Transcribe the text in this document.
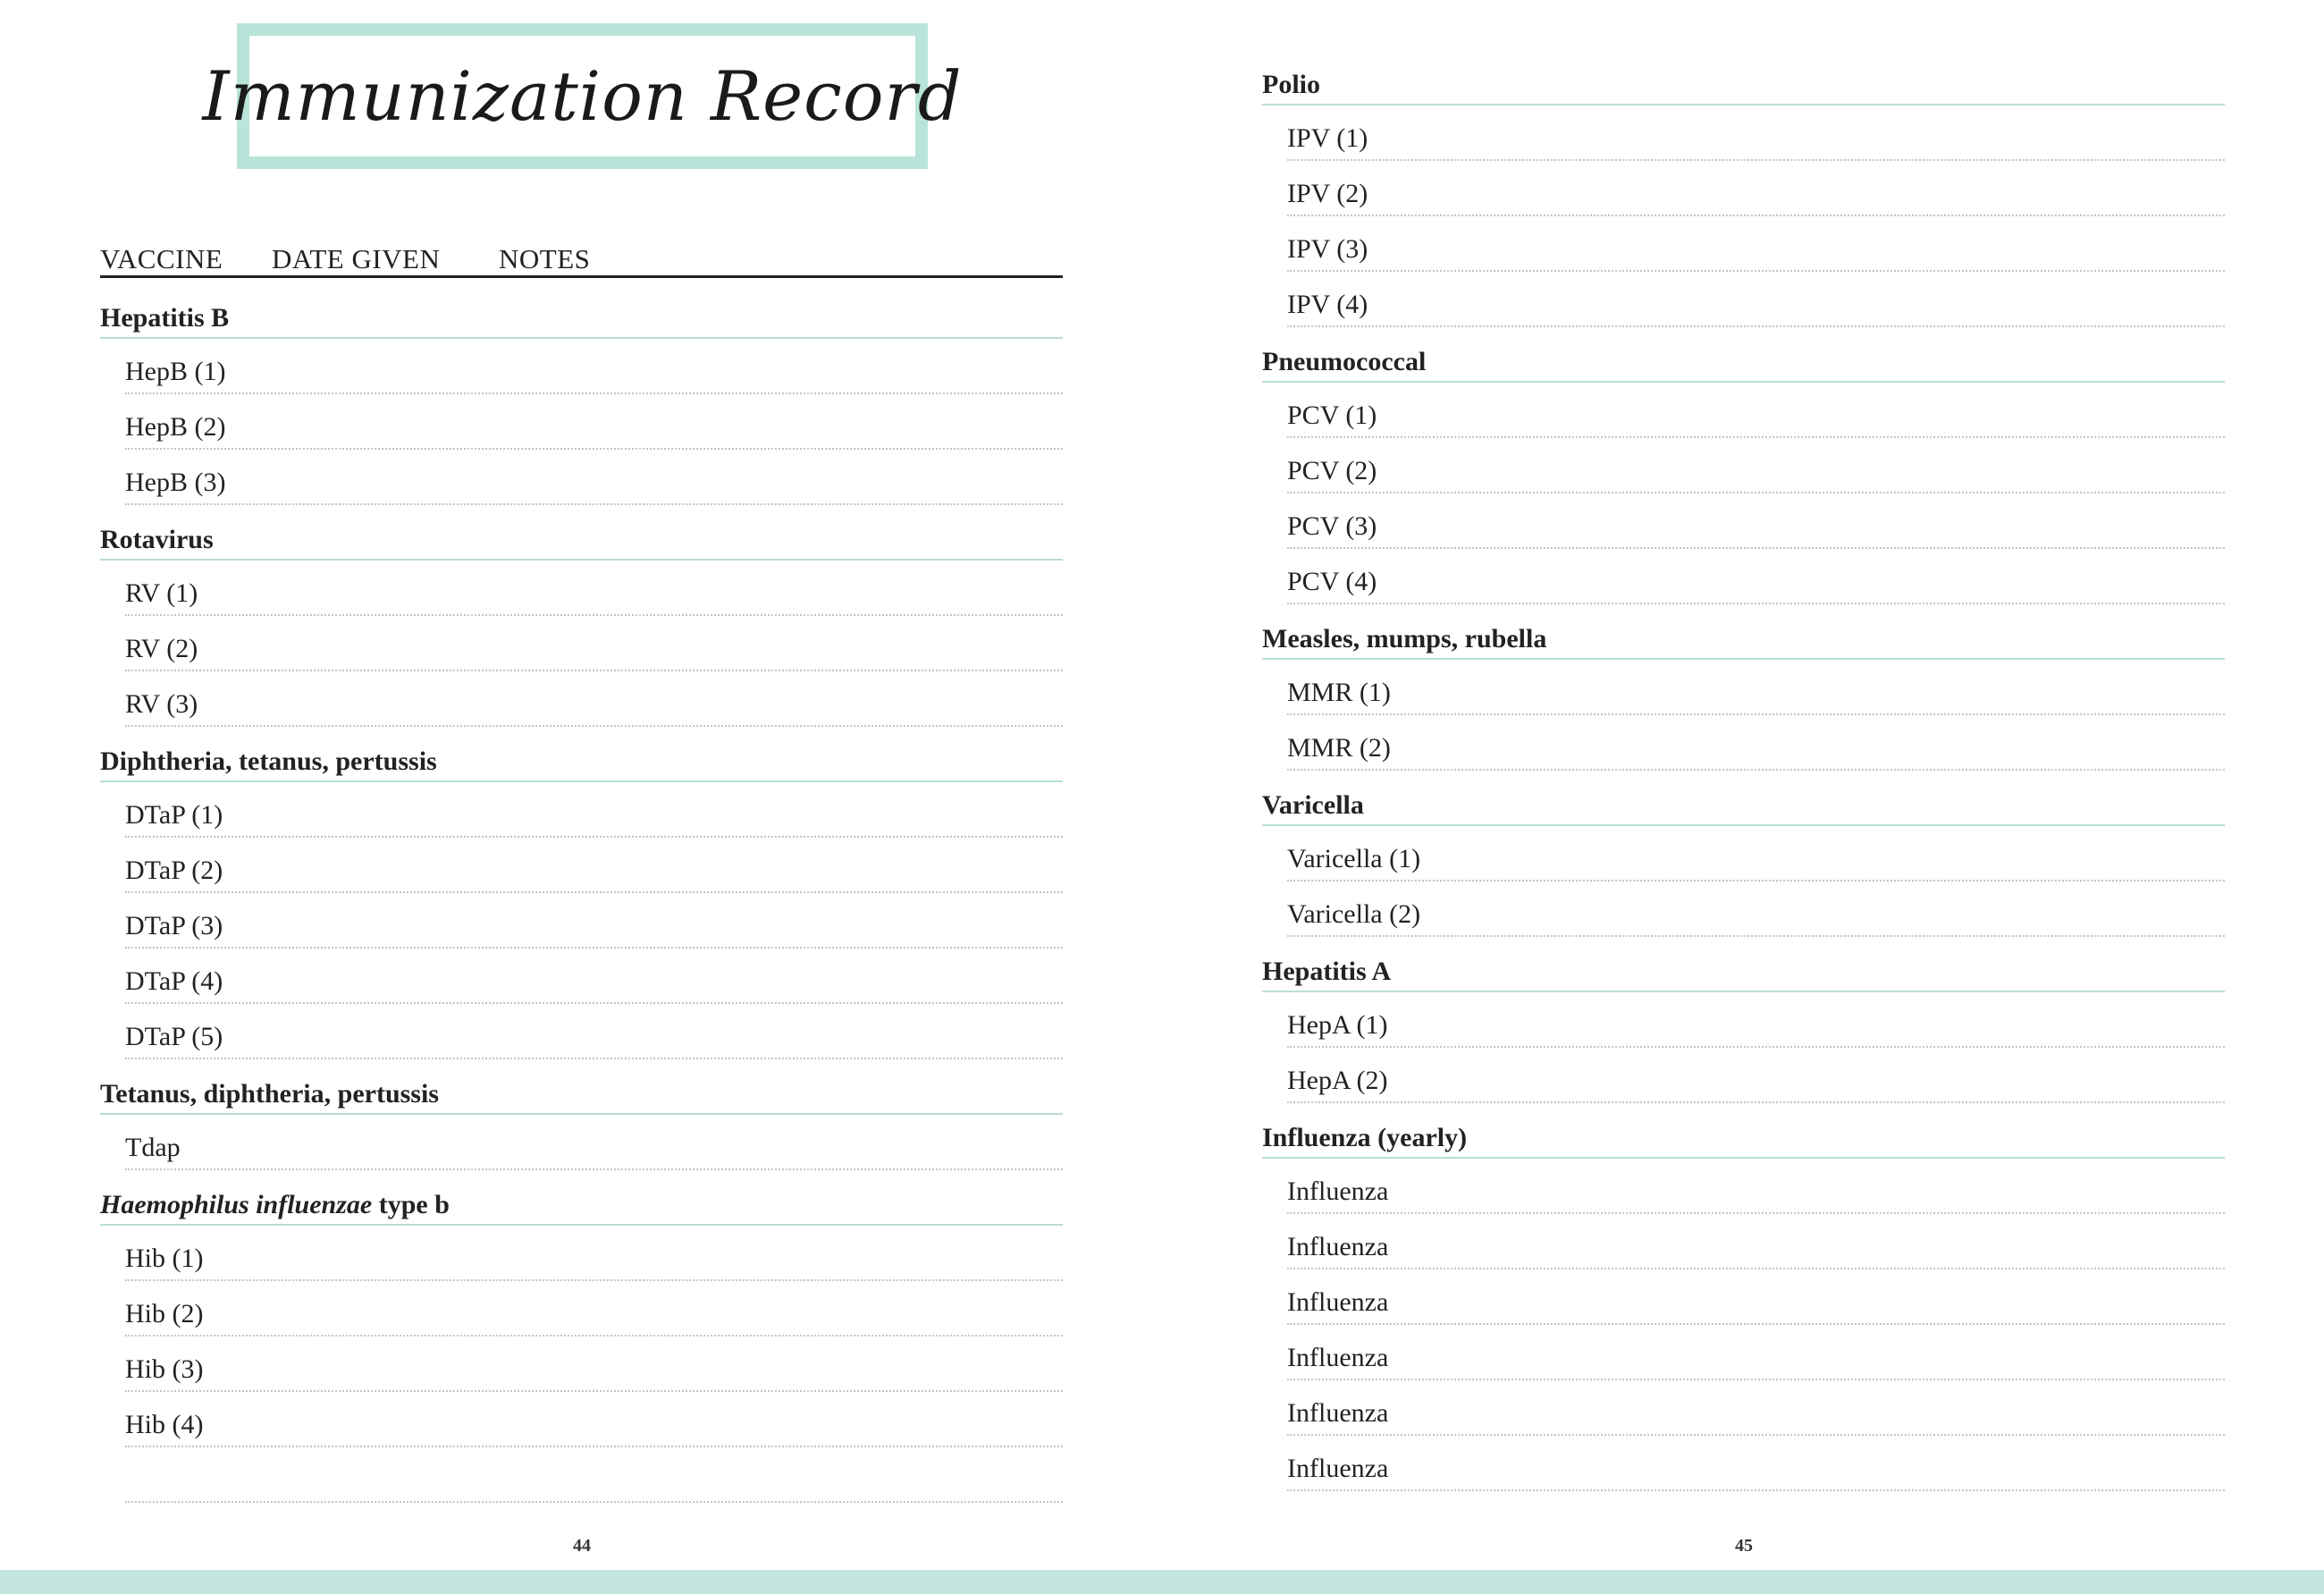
Immunization Record
VACCINE DATE GIVEN NOTES
Hepatitis B
HepB (1)
HepB (2)
HepB (3)
Rotavirus
RV (1)
RV (2)
RV (3)
Diphtheria, tetanus, pertussis
DTaP (1)
DTaP (2)
DTaP (3)
DTaP (4)
DTaP (5)
Tetanus, diphtheria, pertussis
Tdap
Haemophilus influenzae type b
Hib (1)
Hib (2)
Hib (3)
Hib (4)
44
Polio
IPV (1)
IPV (2)
IPV (3)
IPV (4)
Pneumococcal
PCV (1)
PCV (2)
PCV (3)
PCV (4)
Measles, mumps, rubella
MMR (1)
MMR (2)
Varicella
Varicella (1)
Varicella (2)
Hepatitis A
HepA (1)
HepA (2)
Influenza (yearly)
Influenza
Influenza
Influenza
Influenza
Influenza
Influenza
45
